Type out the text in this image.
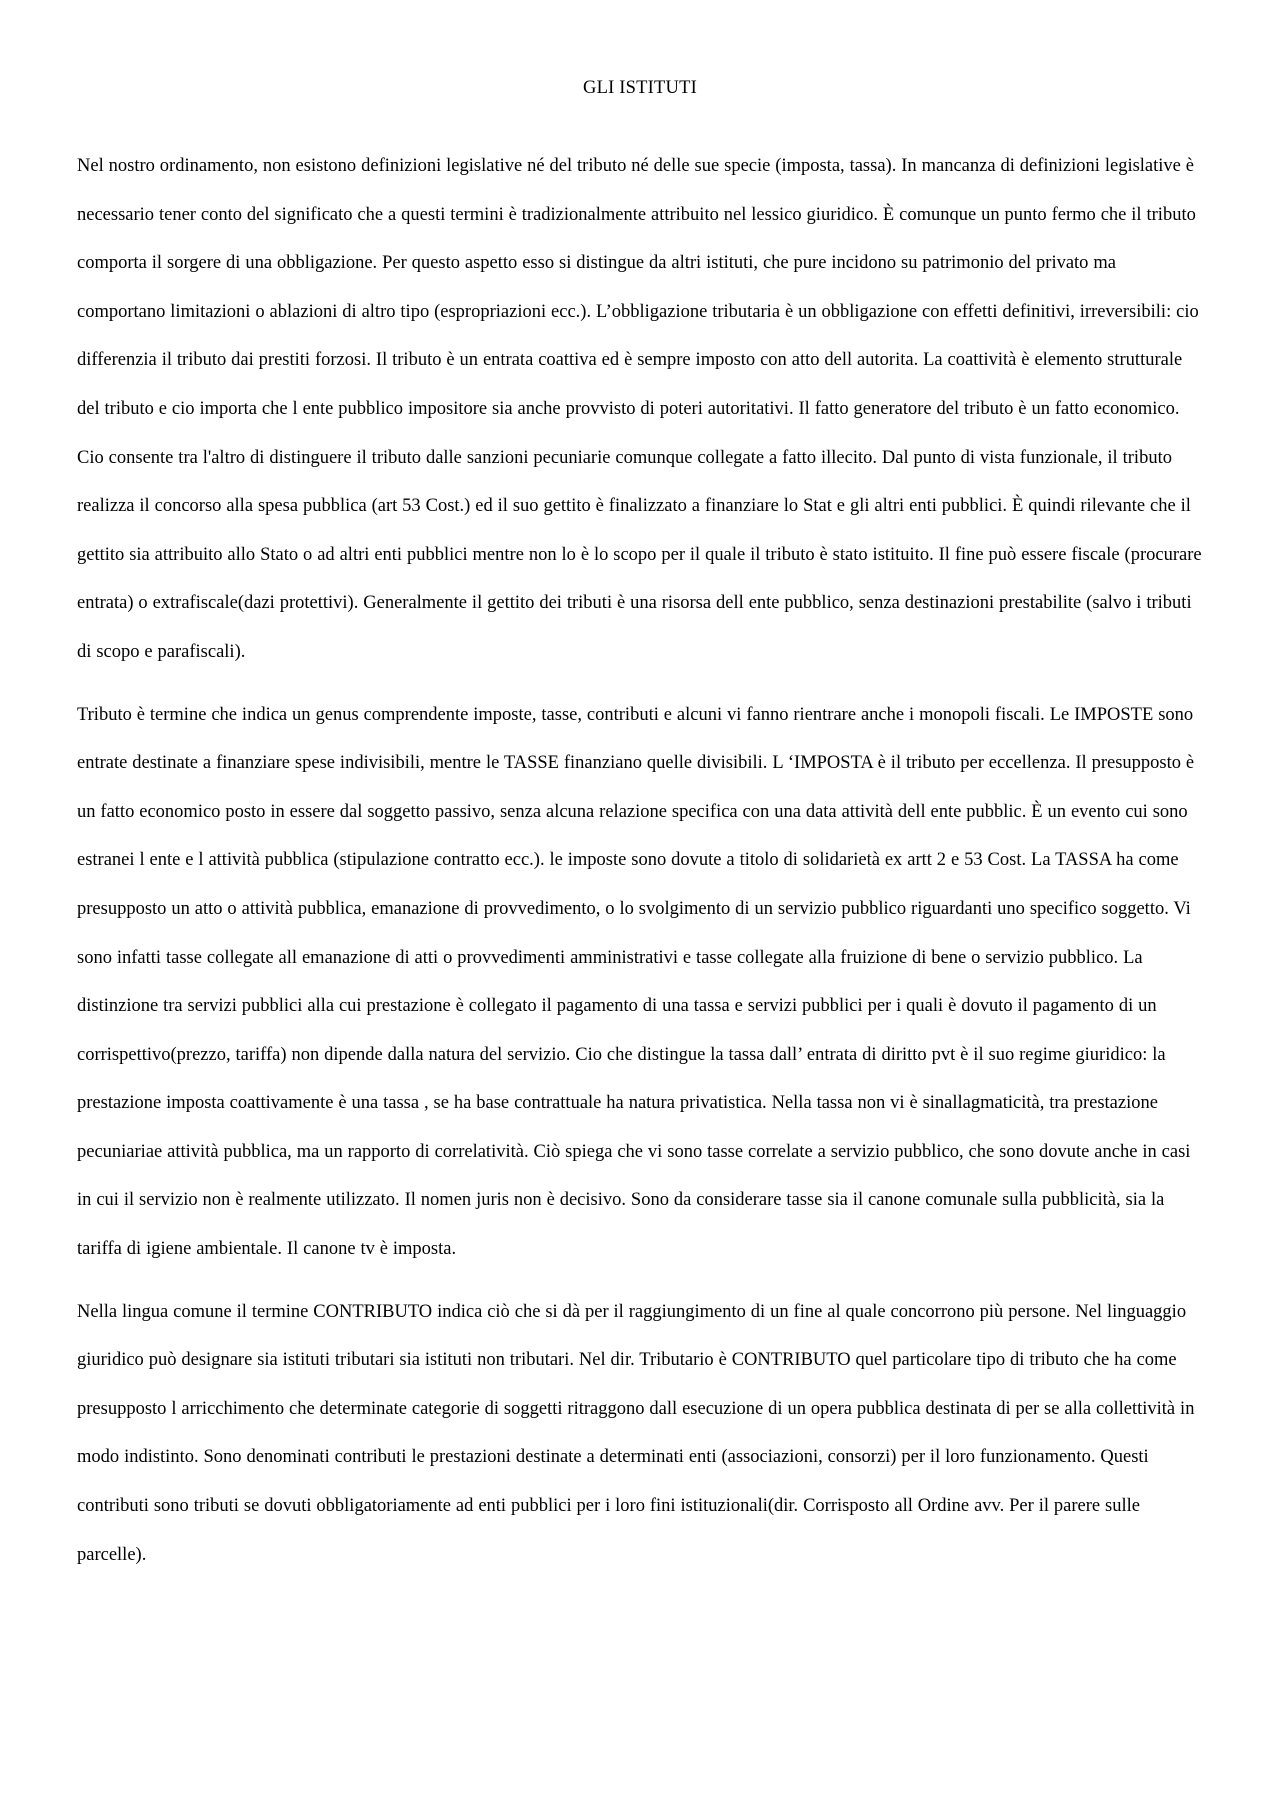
GLI ISTITUTI

Nel nostro ordinamento, non esistono definizioni legislative né del tributo né delle sue specie (imposta, tassa). In mancanza di definizioni legislative è necessario tener conto del significato che a questi termini è tradizionalmente attribuito nel lessico giuridico. È comunque un punto fermo che il tributo comporta il sorgere di una obbligazione. Per questo aspetto esso si distingue da altri istituti, che pure incidono su patrimonio del privato ma comportano limitazioni o ablazioni di altro tipo (espropriazioni ecc.). L’obbligazione tributaria è un obbligazione con effetti definitivi, irreversibili: cio differenzia il tributo dai prestiti forzosi. Il tributo è un entrata coattiva ed è sempre imposto con atto dell autorita. La coattività è elemento strutturale del tributo e cio importa che l ente pubblico impositore sia anche provvisto di poteri autoritativi. Il fatto generatore del tributo è un fatto economico. Cio consente tra l'altro di distinguere il tributo dalle sanzioni pecuniarie comunque collegate a fatto illecito. Dal punto di vista funzionale, il tributo realizza il concorso alla spesa pubblica (art 53 Cost.) ed il suo gettito è finalizzato a finanziare lo Stat e gli altri enti pubblici. È quindi rilevante che il gettito sia attribuito allo Stato o ad altri enti pubblici mentre non lo è lo scopo per il quale il tributo è stato istituito. Il fine può essere fiscale (procurare entrata) o extrafiscale(dazi protettivi). Generalmente il gettito dei tributi è una risorsa dell ente pubblico, senza destinazioni prestabilite (salvo i tributi di scopo e parafiscali).

Tributo è termine che indica un genus comprendente imposte, tasse, contributi e alcuni vi fanno rientrare anche i monopoli fiscali. Le IMPOSTE sono entrate destinate a finanziare spese indivisibili, mentre le TASSE finanziano quelle divisibili. L ‘IMPOSTA è il tributo per eccellenza. Il presupposto è un fatto economico posto in essere dal soggetto passivo, senza alcuna relazione specifica con una data attività dell ente pubblic. È un evento cui sono estranei l ente e l attività pubblica (stipulazione contratto ecc.). le imposte sono dovute a titolo di solidarietà ex artt 2 e 53 Cost. La TASSA ha come presupposto un atto o attività pubblica, emanazione di provvedimento, o lo svolgimento di un servizio pubblico riguardanti uno specifico soggetto. Vi sono infatti tasse collegate all emanazione di atti o provvedimenti amministrativi e tasse collegate alla fruizione di bene o servizio pubblico. La distinzione tra servizi pubblici alla cui prestazione è collegato il pagamento di una tassa e servizi pubblici per i quali è dovuto il pagamento di un corrispettivo(prezzo, tariffa) non dipende dalla natura del servizio. Cio che distingue la tassa dall’ entrata di diritto pvt è il suo regime giuridico: la prestazione imposta coattivamente è una tassa , se ha base contrattuale ha natura privatistica. Nella tassa non vi è sinallagmaticità, tra prestazione pecuniariae attività pubblica, ma un rapporto di correlatività. Ciò spiega che vi sono tasse correlate a servizio pubblico, che sono dovute anche in casi in cui il servizio non è realmente utilizzato. Il nomen juris non è decisivo. Sono da considerare tasse sia il canone comunale sulla pubblicità, sia la tariffa di igiene ambientale. Il canone tv è imposta.

Nella lingua comune il termine CONTRIBUTO indica ciò che si dà per il raggiungimento di un fine al quale concorrono più persone. Nel linguaggio giuridico può designare sia istituti tributari sia istituti non tributari. Nel dir. Tributario è CONTRIBUTO quel particolare tipo di tributo che ha come presupposto l arricchimento che determinate categorie di soggetti ritraggono dall esecuzione di un opera pubblica destinata di per se alla collettività in modo indistinto. Sono denominati contributi le prestazioni destinate a determinati enti (associazioni, consorzi) per il loro funzionamento. Questi contributi sono tributi se dovuti obbligatoriamente ad enti pubblici per i loro fini istituzionali(dir. Corrisposto all Ordine avv. Per il parere sulle parcelle).
